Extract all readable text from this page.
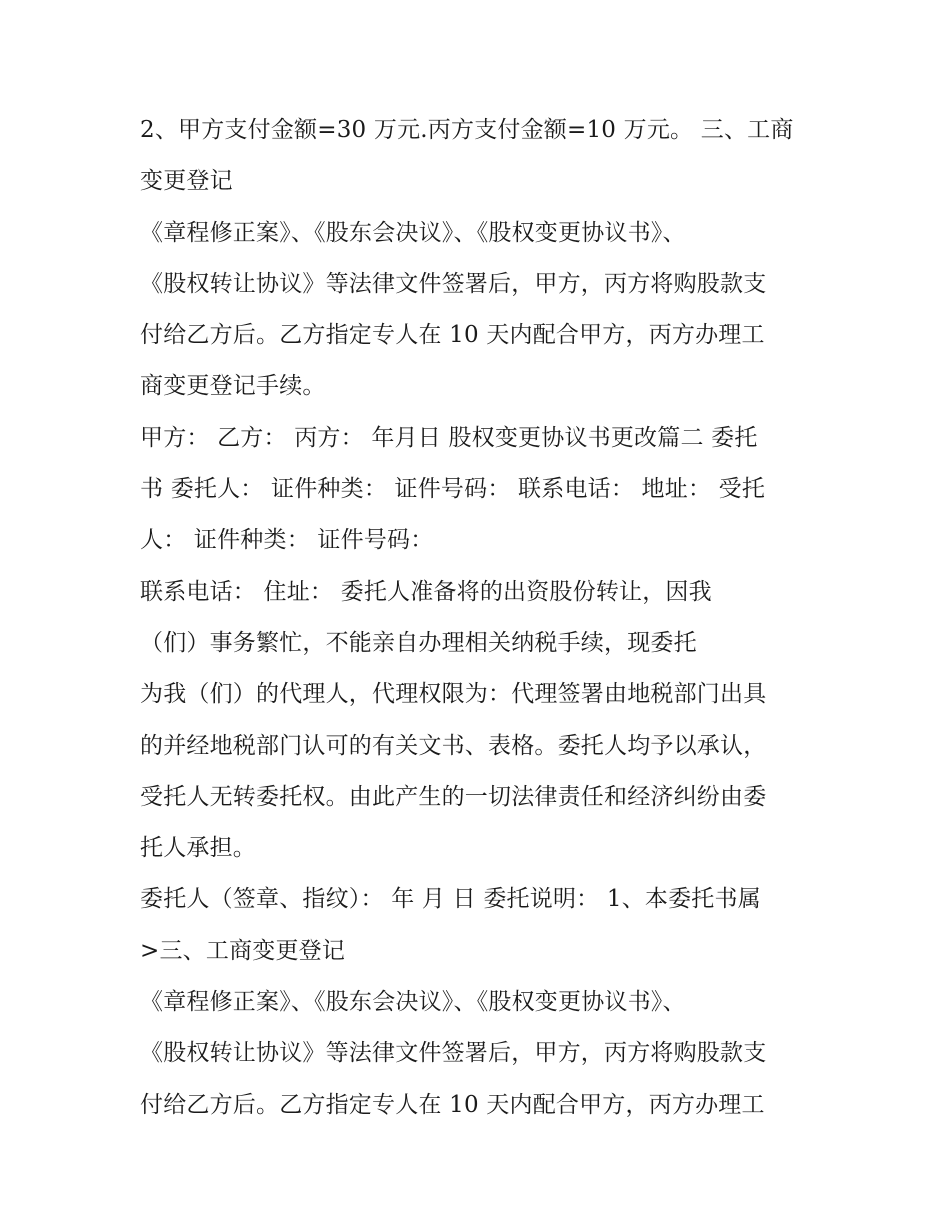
2、甲方支付金额=30 万元.丙方支付金额=10 万元。 三、工商
变更登记
《章程修正案》、《股东会决议》、《股权变更协议书》、
《股权转让协议》等法律文件签署后，甲方，丙方将购股款支
付给乙方后。乙方指定专人在 10 天内配合甲方，丙方办理工
商变更登记手续。
甲方： 乙方： 丙方： 年月日 股权变更协议书更改篇二 委托
书 委托人： 证件种类： 证件号码： 联系电话： 地址： 受托
人： 证件种类： 证件号码：
联系电话： 住址： 委托人准备将的出资股份转让，因我
（们）事务繁忙，不能亲自办理相关纳税手续，现委托
为我（们）的代理人，代理权限为：代理签署由地税部门出具
的并经地税部门认可的有关文书、表格。委托人均予以承认，
受托人无转委托权。由此产生的一切法律责任和经济纠纷由委
托人承担。
委托人（签章、指纹）： 年 月 日 委托说明： 1、本委托书属
>三、工商变更登记
《章程修正案》、《股东会决议》、《股权变更协议书》、
《股权转让协议》等法律文件签署后，甲方，丙方将购股款支
付给乙方后。乙方指定专人在 10 天内配合甲方，丙方办理工
